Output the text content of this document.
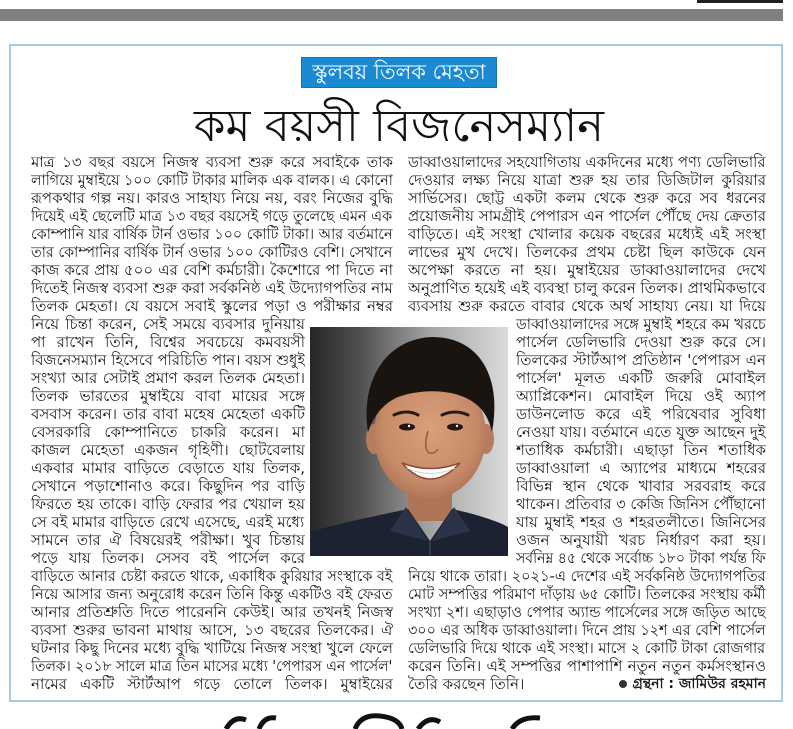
স্কুলবয় তিলক মেহতা
কম বয়সী বিজনেসম্যান
মাত্র ১৩ বছর বয়সে নিজস্ব ব্যবসা শুরু করে সবাইকে তাক
লাগিয়ে মুম্বাইয়ে ১০০ কোটি টাকার মালিক এক বালক। এ কোনো
রূপকথার গল্প নয়। কারও সাহায্য নিয়ে নয়, বরং নিজের বুদ্ধি
দিয়েই এই ছেলেটি মাত্র ১৩ বছর বয়সেই গড়ে তুলেছে এমন এক
কোম্পানি যার বার্ষিক টার্ন ওভার ১০০ কোটি টাকা। আর বর্তমানে
তার কোম্পানির বার্ষিক টার্ন ওভার ১০০ কোটিরও বেশি। সেখানে
কাজ করে প্রায় ৫০০ এর বেশি কর্মচারী। কৈশোরে পা দিতে না
দিতেই নিজস্ব ব্যবসা শুরু করা সর্বকনিষ্ঠ এই উদ্যোগপতির নাম
তিলক মেহতা। যে বয়সে সবাই স্কুলের পড়া ও পরীক্ষার নম্বর
নিয়ে চিন্তা করেন, সেই সময়ে ব্যবসার দুনিয়ায়
পা রাখেন তিনি, বিশ্বের সবচেয়ে কমবয়সী
বিজনেসম্যান হিসেবে পরিচিতি পান। বয়স শুধুই
সংখ্যা আর সেটাই প্রমাণ করল তিলক মেহতা।
তিলক ভারতের মুম্বাইয়ে বাবা মায়ের সঙ্গে
বসবাস করেন। তার বাবা মহেষ মেহেতা একটি
বেসরকারি কোম্পানিতে চাকরি করেন। মা
কাজল মেহেতা একজন গৃহিণী। ছোটবেলায়
একবার মামার বাড়িতে বেড়াতে যায় তিলক,
সেখানে পড়াশোনাও করে। কিছুদিন পর বাড়ি
ফিরতে হয় তাকে। বাড়ি ফেরার পর খেয়াল হয়
সে বই মামার বাড়িতে রেখে এসেছে, এরই মধ্যে
সামনে তার ঐ বিষয়েরই পরীক্ষা। খুব চিন্তায়
পড়ে যায় তিলক। সেসব বই পার্সেল করে
বাড়িতে আনার চেষ্টা করতে থাকে, একাধিক কুরিয়ার সংস্থাকে বই
নিয়ে আসার জন্য অনুরোধ করেন তিনি কিন্তু একটিও বই ফেরত
আনার প্রতিশ্রুতি দিতে পারেননি কেউই। আর তখনই নিজস্ব
ব্যবসা শুরুর ভাবনা মাথায় আসে, ১৩ বছরের তিলকের। ঐ
ঘটনার কিছু দিনের মধ্যে বুদ্ধি খাটিয়ে নিজস্ব সংস্থা খুলে ফেলে
তিলক। ২০১৮ সালে মাত্র তিন মাসের মধ্যে 'পেপারস এন পার্সেল'
নামের একটি স্টার্টআপ গড়ে তোলে তিলক। মুম্বাইয়ের
ডাব্বাওয়ালাদের সহযোগিতায় একদিনের মধ্যে পণ্য ডেলিভারি
দেওয়ার লক্ষ্য নিয়ে যাত্রা শুরু হয় তার ডিজিটাল কুরিয়ার
সার্ভিসের। ছোট্ট একটা কলম থেকে শুরু করে সব ধরনের
প্রয়োজনীয় সামগ্রীই পেপারস এন পার্সেল পৌঁছে দেয় ক্রেতার
বাড়িতে। এই সংস্থা খোলার কয়েক বছরের মধ্যেই এই সংস্থা
লাভের মুখ দেখে। তিলকের প্রথম চেষ্টা ছিল কাউকে যেন
অপেক্ষা করতে না হয়। মুম্বাইয়ের ডাব্বাওয়ালাদের দেখে
অনুপ্রাণিত হয়েই এই ব্যবস্থা চালু করেন তিলক। প্রাথমিকভাবে
ব্যবসায় শুরু করতে বাবার থেকে অর্থ সাহায্য নেয়। যা দিয়ে
ডাব্বাওয়ালাদের সঙ্গে মুম্বাই শহরে কম খরচে
পার্সেল ডেলিভারি দেওয়া শুরু করে সে।
তিলকের স্টার্টআপ প্রতিষ্ঠান 'পেপারস এন
পার্সেল' মূলত একটি জরুরি মোবাইল
অ্যাপ্লিকেশন। মোবাইল দিয়ে ওই অ্যাপ
ডাউনলোড করে এই পরিষেবার সুবিধা
নেওয়া যায়। বর্তমানে এতে যুক্ত আছেন দুই
শতাধিক কর্মচারী। এছাড়া তিন শতাধিক
ডাব্বাওয়ালা এ অ্যাপের মাধ্যমে শহরের
বিভিন্ন স্থান থেকে খাবার সরবরাহ করে
থাকেন। প্রতিবার ৩ কেজি জিনিস পৌঁছানো
যায় মুম্বাই শহর ও শহরতলীতে। জিনিসের
ওজন অনুযায়ী খরচ নির্ধারণ করা হয়।
সর্বনিম্ন ৪৫ থেকে সর্বোচ্চ ১৮০ টাকা পর্যন্ত ফি
নিয়ে থাকে তারা। ২০২১-এ দেশের এই সর্বকনিষ্ঠ উদ্যোগপতির
মোট সম্পত্তির পরিমাণ দাঁড়ায় ৬৫ কোটি। তিলকের সংস্থায় কর্মী
সংখ্যা ২শ। এছাড়াও পেপার অ্যান্ড পার্সেলের সঙ্গে জড়িত আছে
৩০০ এর অধিক ডাব্বাওয়ালা। দিনে প্রায় ১২শ এর বেশি পার্সেল
ডেলিভারি দিয়ে থাকে এই সংস্থা। মাসে ২ কোটি টাকা রোজগার
করেন তিনি। এই সম্পত্তির পাশাপাশি নতুন নতুন কর্মসংস্থানও
তৈরি করছেন তিনি।	গ্রন্থনা : জামিউর রহমান
